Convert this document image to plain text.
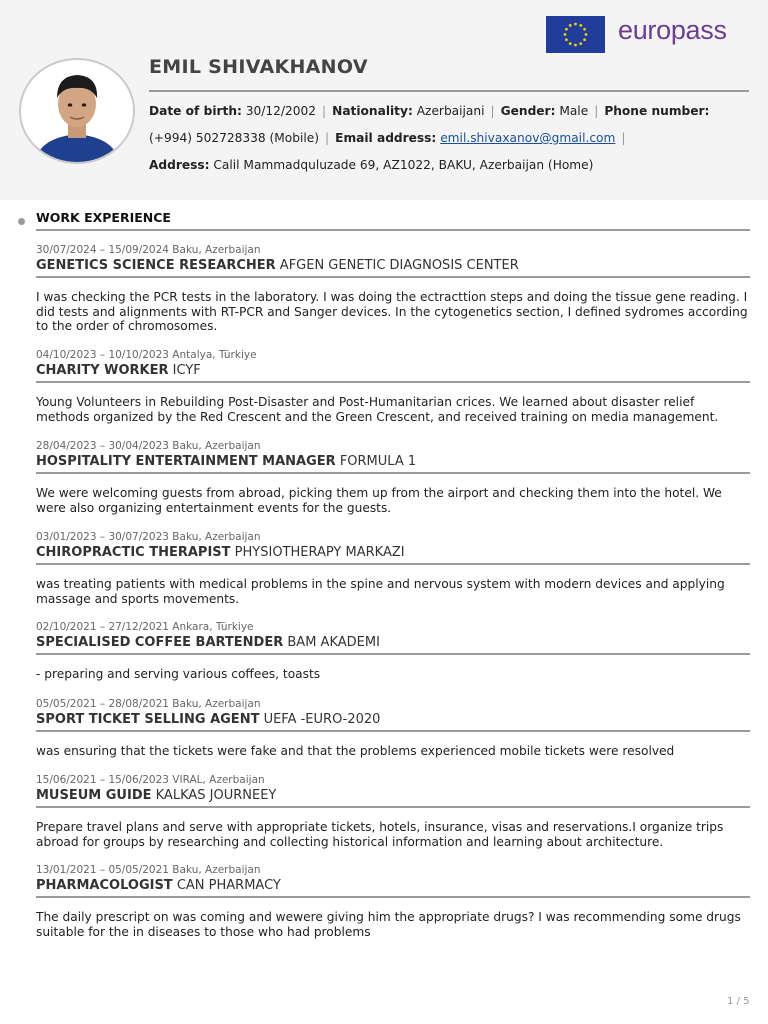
europass
EMIL SHIVAKHANOV
Date of birth: 30/12/2002 | Nationality: Azerbaijani | Gender: Male | Phone number:
(+994) 502728338 (Mobile) | Email address: emil.shivaxanov@gmail.com |
Address: Calil Mammadquluzade 69, AZ1022, BAKU, Azerbaijan (Home)
WORK EXPERIENCE
30/07/2024 – 15/09/2024 Baku, Azerbaijan
GENETICS SCIENCE RESEARCHER AFGEN GENETIC DIAGNOSIS CENTER
I was checking the PCR tests in the laboratory. I was doing the ectracttion steps and doing the tissue gene reading. I did tests and alignments with RT-PCR and Sanger devices. In the cytogenetics section, I defined sydromes according to the order of chromosomes.
04/10/2023 – 10/10/2023 Antalya, Türkiye
CHARITY WORKER ICYF
Young Volunteers in Rebuilding Post-Disaster and Post-Humanitarian crices. We learned about disaster relief methods organized by the Red Crescent and the Green Crescent, and received training on media management.
28/04/2023 – 30/04/2023 Baku, Azerbaijan
HOSPITALITY ENTERTAINMENT MANAGER FORMULA 1
We were welcoming guests from abroad, picking them up from the airport and checking them into the hotel. We were also organizing entertainment events for the guests.
03/01/2023 – 30/07/2023 Baku, Azerbaijan
CHIROPRACTIC THERAPIST PHYSIOTHERAPY MARKAZI
was treating patients with medical problems in the spine and nervous system with modern devices and applying massage and sports movements.
02/10/2021 – 27/12/2021 Ankara, Türkiye
SPECIALISED COFFEE BARTENDER BAM AKADEMI
- preparing and serving various coffees, toasts
05/05/2021 – 28/08/2021 Baku, Azerbaijan
SPORT TICKET SELLING AGENT UEFA -EURO-2020
was ensuring that the tickets were fake and that the problems experienced mobile tickets were resolved
15/06/2021 – 15/06/2023 VIRAL, Azerbaijan
MUSEUM GUIDE KALKAS JOURNEEY
Prepare travel plans and serve with appropriate tickets, hotels, insurance, visas and reservations.I organize trips abroad for groups by researching and collecting historical information and learning about architecture.
13/01/2021 – 05/05/2021 Baku, Azerbaijan
PHARMACOLOGIST CAN PHARMACY
The daily prescript on was coming and wewere giving him the appropriate drugs? I was recommending some drugs suitable for the in diseases to those who had problems
1 / 5
